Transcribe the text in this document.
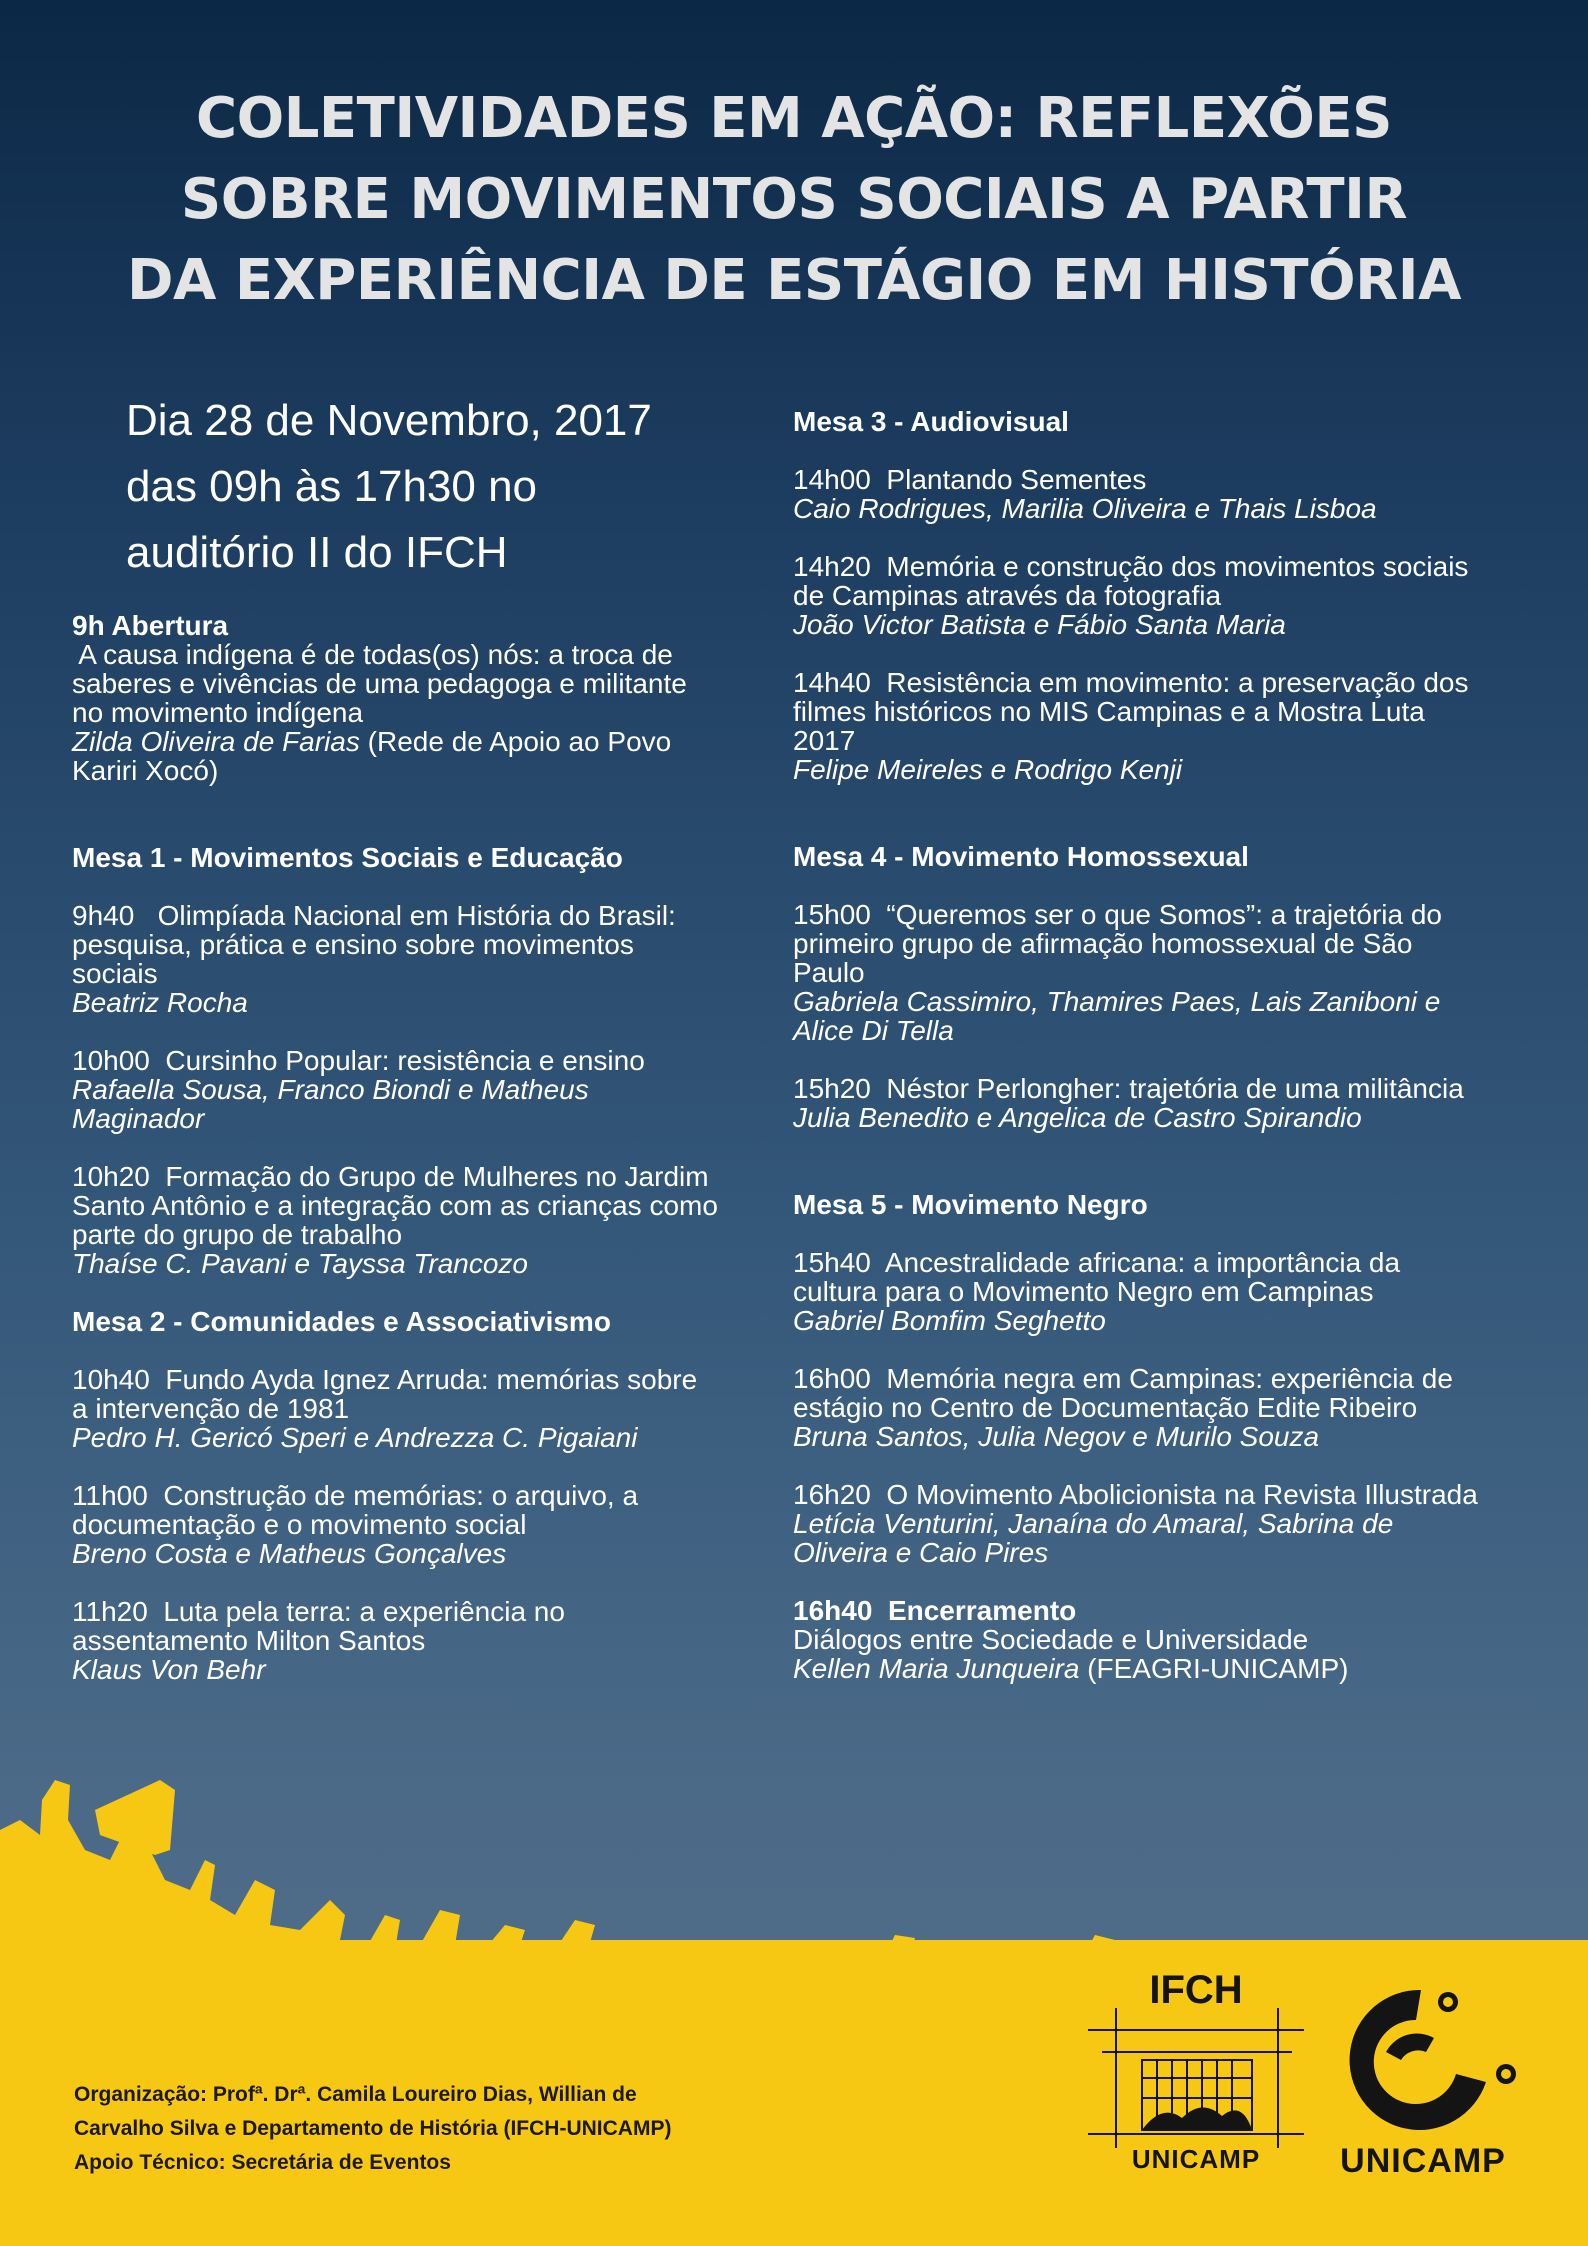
COLETIVIDADES EM AÇÃO: REFLEXÕES
SOBRE MOVIMENTOS SOCIAIS A PARTIR
DA EXPERIÊNCIA DE ESTÁGIO EM HISTÓRIA
Dia 28 de Novembro, 2017
das 09h às 17h30 no
auditório II do IFCH
9h Abertura
A causa indígena é de todas(os) nós: a troca de
saberes e vivências de uma pedagoga e militante
no movimento indígena
Zilda Oliveira de Farias (Rede de Apoio ao Povo
Kariri Xocó)
Mesa 1 - Movimentos Sociais e Educação
9h40   Olimpíada Nacional em História do Brasil:
pesquisa, prática e ensino sobre movimentos
sociais
Beatriz Rocha
10h00  Cursinho Popular: resistência e ensino
Rafaella Sousa, Franco Biondi e Matheus
Maginador
10h20  Formação do Grupo de Mulheres no Jardim
Santo Antônio e a integração com as crianças como
parte do grupo de trabalho
Thaíse C. Pavani e Tayssa Trancozo
Mesa 2 - Comunidades e Associativismo
10h40  Fundo Ayda Ignez Arruda: memórias sobre
a intervenção de 1981
Pedro H. Gericó Speri e Andrezza C. Pigaiani
11h00  Construção de memórias: o arquivo, a
documentação e o movimento social
Breno Costa e Matheus Gonçalves
11h20  Luta pela terra: a experiência no
assentamento Milton Santos
Klaus Von Behr
Mesa 3 - Audiovisual
14h00  Plantando Sementes
Caio Rodrigues, Marilia Oliveira e Thais Lisboa
14h20  Memória e construção dos movimentos sociais
de Campinas através da fotografia
João Victor Batista e Fábio Santa Maria
14h40  Resistência em movimento: a preservação dos
filmes históricos no MIS Campinas e a Mostra Luta
2017
Felipe Meireles e Rodrigo Kenji
Mesa 4 - Movimento Homossexual
15h00  “Queremos ser o que Somos”: a trajetória do
primeiro grupo de afirmação homossexual de São
Paulo
Gabriela Cassimiro, Thamires Paes, Lais Zaniboni e
Alice Di Tella
15h20  Néstor Perlongher: trajetória de uma militância
Julia Benedito e Angelica de Castro Spirandio
Mesa 5 - Movimento Negro
15h40  Ancestralidade africana: a importância da
cultura para o Movimento Negro em Campinas
Gabriel Bomfim Seghetto
16h00  Memória negra em Campinas: experiência de
estágio no Centro de Documentação Edite Ribeiro
Bruna Santos, Julia Negov e Murilo Souza
16h20  O Movimento Abolicionista na Revista Illustrada
Letícia Venturini, Janaína do Amaral, Sabrina de
Oliveira e Caio Pires
16h40  Encerramento
Diálogos entre Sociedade e Universidade
Kellen Maria Junqueira (FEAGRI-UNICAMP)
Organização: Profª. Drª. Camila Loureiro Dias, Willian de
Carvalho Silva e Departamento de História (IFCH-UNICAMP)
Apoio Técnico: Secretária de Eventos
IFCH
UNICAMP	UNICAMP
